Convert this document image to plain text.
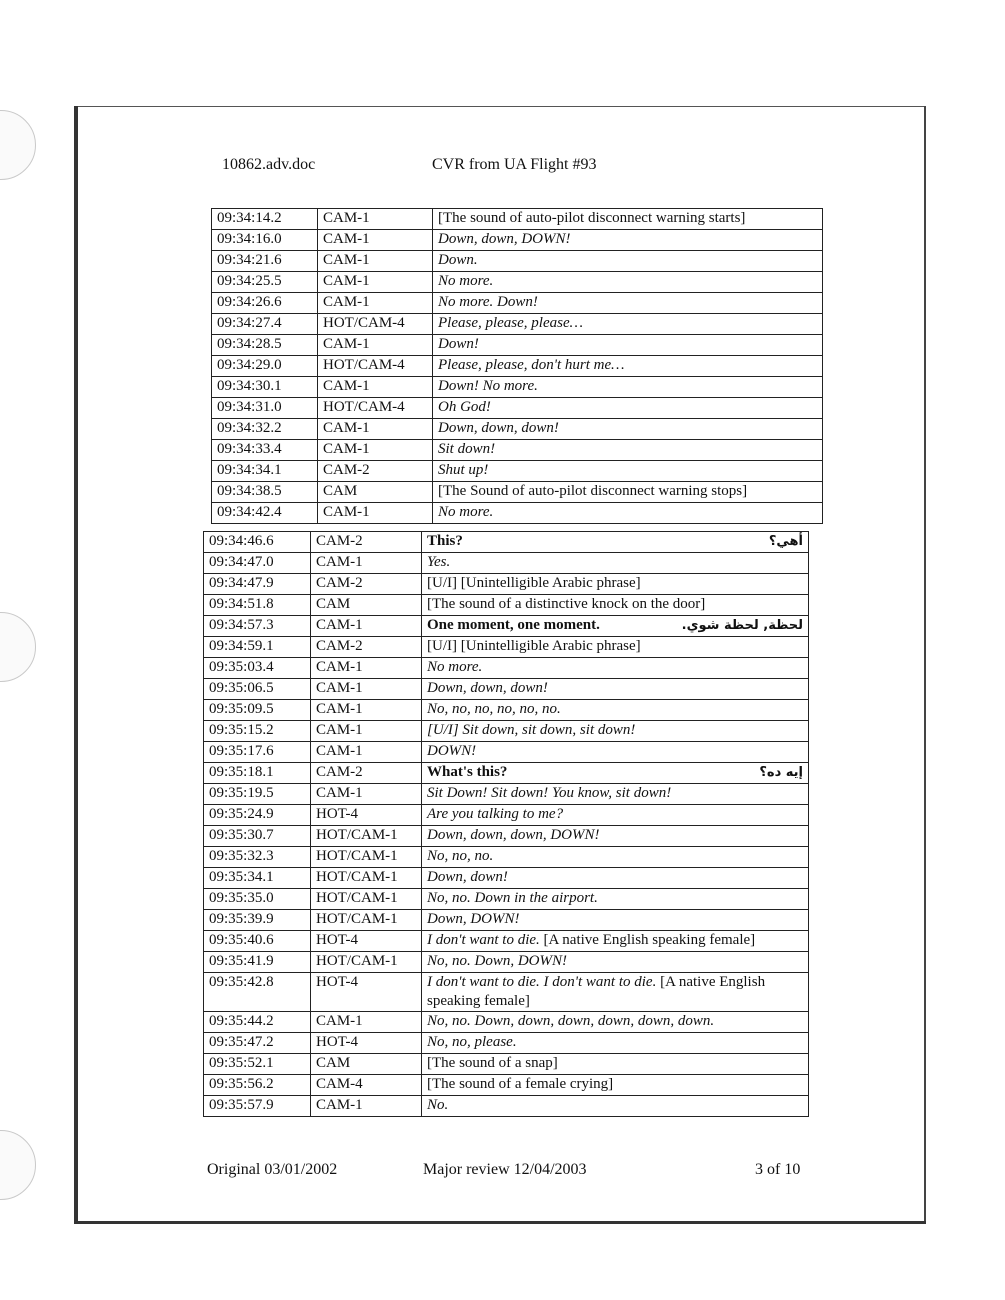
10862.adv.doc	CVR from UA Flight #93
09:34:14.2	CAM-1	[The sound of auto-pilot disconnect warning starts]
09:34:16.0	CAM-1	Down, down, DOWN!
09:34:21.6	CAM-1	Down.
09:34:25.5	CAM-1	No more.
09:34:26.6	CAM-1	No more. Down!
09:34:27.4	HOT/CAM-4	Please, please, please…
09:34:28.5	CAM-1	Down!
09:34:29.0	HOT/CAM-4	Please, please, don't hurt me…
09:34:30.1	CAM-1	Down! No more.
09:34:31.0	HOT/CAM-4	Oh God!
09:34:32.2	CAM-1	Down, down, down!
09:34:33.4	CAM-1	Sit down!
09:34:34.1	CAM-2	Shut up!
09:34:38.5	CAM	[The Sound of auto-pilot disconnect warning stops]
09:34:42.4	CAM-1	No more.
09:34:46.6	CAM-2	أهي؟
This?
09:34:47.0	CAM-1	Yes.
09:34:47.9	CAM-2	[U/I] [Unintelligible Arabic phrase]
09:34:51.8	CAM	[The sound of a distinctive knock on the door]
09:34:57.3	CAM-1	لحظة, لحظة شوي.
One moment, one moment.
09:34:59.1	CAM-2	[U/I] [Unintelligible Arabic phrase]
09:35:03.4	CAM-1	No more.
09:35:06.5	CAM-1	Down, down, down!
09:35:09.5	CAM-1	No, no, no, no, no, no.
09:35:15.2	CAM-1	[U/I] Sit down, sit down, sit down!
09:35:17.6	CAM-1	DOWN!
09:35:18.1	CAM-2	إيه ده؟
What's this?
09:35:19.5	CAM-1	Sit Down! Sit down! You know, sit down!
09:35:24.9	HOT-4	Are you talking to me?
09:35:30.7	HOT/CAM-1	Down, down, down, DOWN!
09:35:32.3	HOT/CAM-1	No, no, no.
09:35:34.1	HOT/CAM-1	Down, down!
09:35:35.0	HOT/CAM-1	No, no. Down in the airport.
09:35:39.9	HOT/CAM-1	Down, DOWN!
09:35:40.6	HOT-4	I don't want to die. [A native English speaking female]
09:35:41.9	HOT/CAM-1	No, no. Down, DOWN!
09:35:42.8	HOT-4	I don't want to die. I don't want to die. [A native English speaking female]
09:35:44.2	CAM-1	No, no. Down, down, down, down, down, down.
09:35:47.2	HOT-4	No, no, please.
09:35:52.1	CAM	[The sound of a snap]
09:35:56.2	CAM-4	[The sound of a female crying]
09:35:57.9	CAM-1	No.
Original 03/01/2002	Major review 12/04/2003	3 of 10
